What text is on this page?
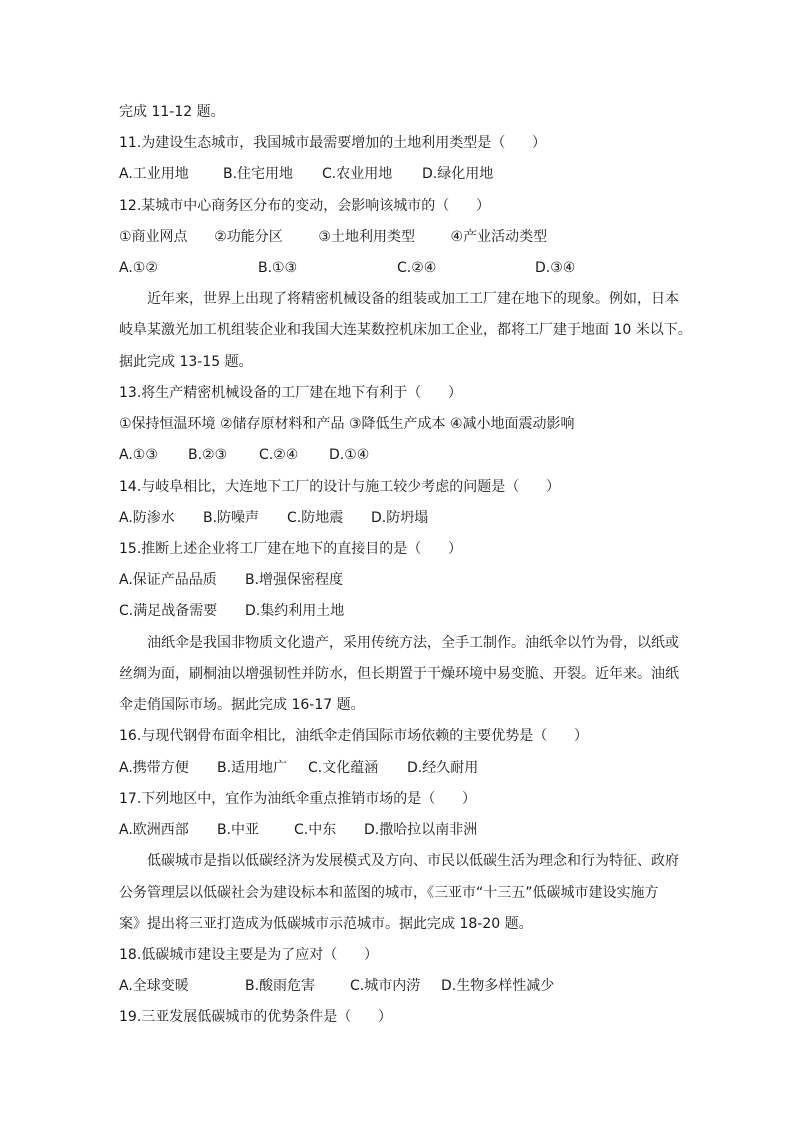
完成 11-12 题。
11.为建设生态城市，我国城市最需要增加的土地利用类型是（      ）
A.工业用地 B.住宅用地 C.农业用地 D.绿化用地
12.某城市中心商务区分布的变动，会影响该城市的（      ）
①商业网点      ②功能分区        ③土地利用类型        ④产业活动类型
A.①②	B.①③	C.②④	D.③④
近年来，世界上出现了将精密机械设备的组装或加工工厂建在地下的现象。例如，日本
岐阜某激光加工机组装企业和我国大连某数控机床加工企业，都将工厂建于地面 10 米以下。
据此完成 13-15 题。
13.将生产精密机械设备的工厂建在地下有利于（      ）
①保持恒温环境 ②储存原材料和产品 ③降低生产成本 ④减小地面震动影响
A.①③ B.②③ C.②④ D.①④
14.与岐阜相比，大连地下工厂的设计与施工较少考虑的问题是（      ）
A.防渗水 B.防噪声 C.防地震 D.防坍塌
15.推断上述企业将工厂建在地下的直接目的是（      ）
A.保证产品品质 B.增强保密程度
C.满足战备需要 D.集约利用土地
油纸伞是我国非物质文化遗产，采用传统方法，全手工制作。油纸伞以竹为骨，以纸或
丝绸为面，刷桐油以增强韧性并防水，但长期置于干燥环境中易变脆、开裂。近年来。油纸
伞走俏国际市场。据此完成 16-17 题。
16.与现代钢骨布面伞相比，油纸伞走俏国际市场依赖的主要优势是（      ）
A.携带方便 B.适用地广 C.文化蕴涵 D.经久耐用
17.下列地区中，宜作为油纸伞重点推销市场的是（      ）
A.欧洲西部 B.中亚 C.中东 D.撒哈拉以南非洲
低碳城市是指以低碳经济为发展模式及方向、市民以低碳生活为理念和行为特征、政府
公务管理层以低碳社会为建设标本和蓝图的城市，《三亚市“十三五”低碳城市建设实施方
案》提出将三亚打造成为低碳城市示范城市。据此完成 18-20 题。
18.低碳城市建设主要是为了应对（      ）
A.全球变暖	B.酸雨危害 C.城市内涝 D.生物多样性减少
19.三亚发展低碳城市的优势条件是（      ）
